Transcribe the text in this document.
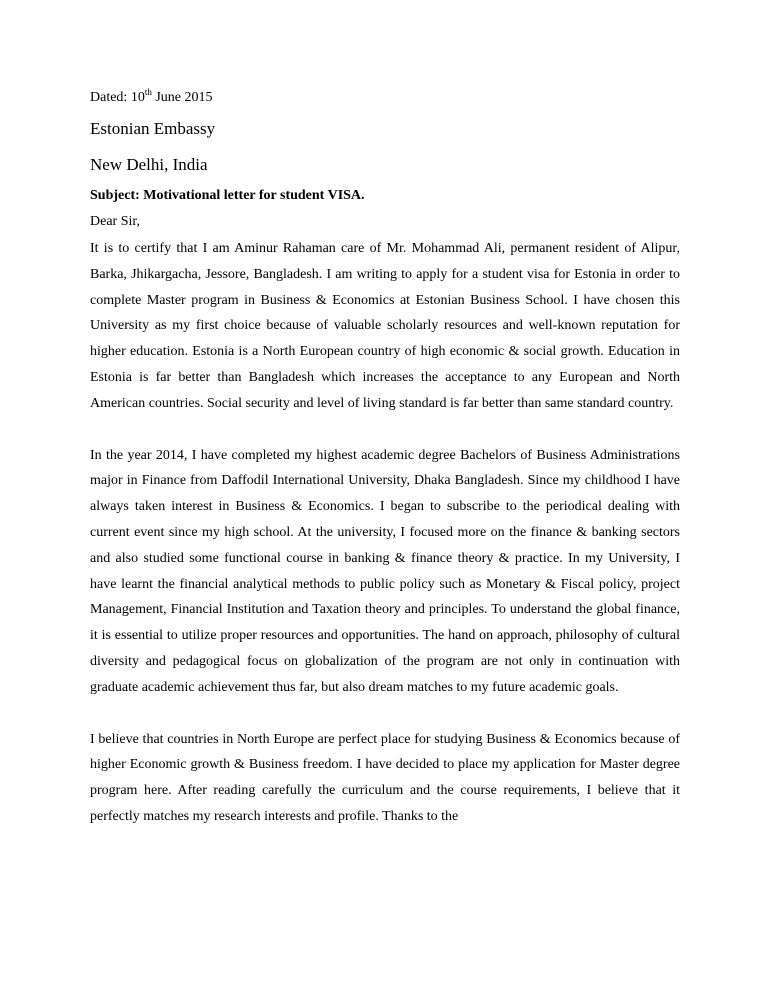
Dated: 10th June 2015

Estonian Embassy

New Delhi, India

Subject: Motivational letter for student VISA.

Dear Sir,

It is to certify that I am Aminur Rahaman care of Mr. Mohammad Ali, permanent resident of Alipur, Barka, Jhikargacha, Jessore, Bangladesh. I am writing to apply for a student visa for Estonia in order to complete Master program in Business & Economics at Estonian Business School. I have chosen this University as my first choice because of valuable scholarly resources and well-known reputation for higher education. Estonia is a North European country of high economic & social growth. Education in Estonia is far better than Bangladesh which increases the acceptance to any European and North American countries. Social security and level of living standard is far better than same standard country.

In the year 2014, I have completed my highest academic degree Bachelors of Business Administrations major in Finance from Daffodil International University, Dhaka Bangladesh. Since my childhood I have always taken interest in Business & Economics. I began to subscribe to the periodical dealing with current event since my high school. At the university, I focused more on the finance & banking sectors and also studied some functional course in banking & finance theory & practice. In my University, I have learnt the financial analytical methods to public policy such as Monetary & Fiscal policy, project Management, Financial Institution and Taxation theory and principles. To understand the global finance, it is essential to utilize proper resources and opportunities. The hand on approach, philosophy of cultural diversity and pedagogical focus on globalization of the program are not only in continuation with graduate academic achievement thus far, but also dream matches to my future academic goals.

I believe that countries in North Europe are perfect place for studying Business & Economics because of higher Economic growth & Business freedom. I have decided to place my application for Master degree program here. After reading carefully the curriculum and the course requirements, I believe that it perfectly matches my research interests and profile. Thanks to the
